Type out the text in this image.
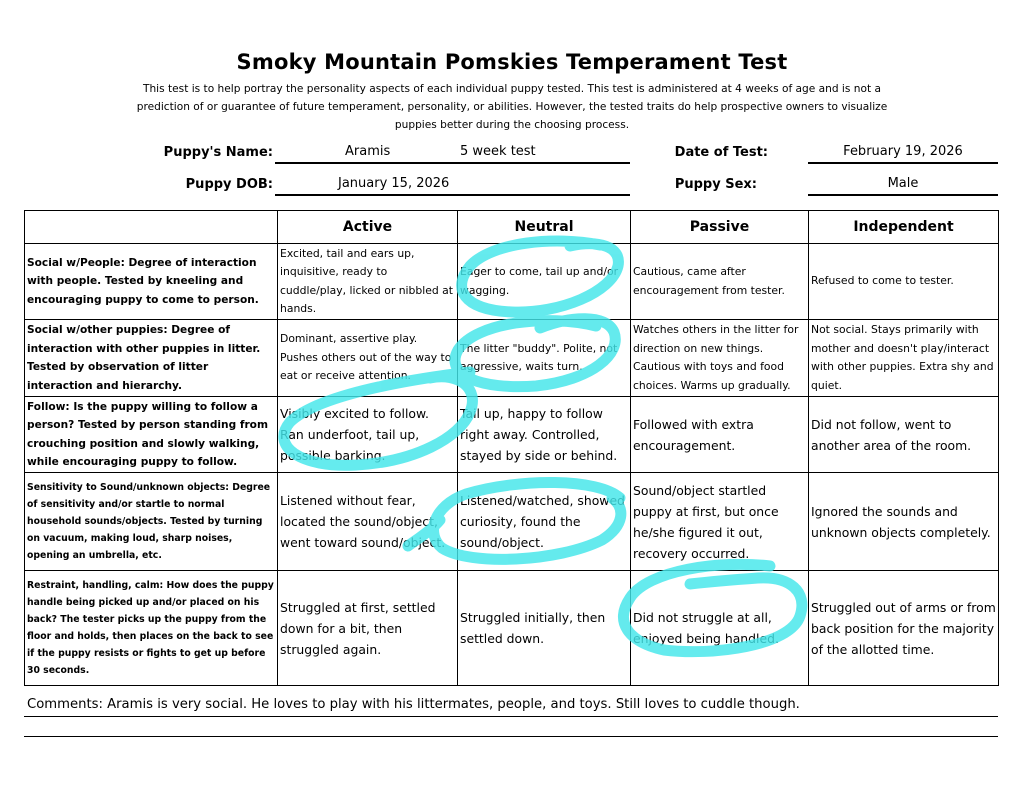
Smoky Mountain Pomskies Temperament Test
This test is to help portray the personality aspects of each individual puppy tested. This test is administered at 4 weeks of age and is not a prediction of or guarantee of future temperament, personality, or abilities. However, the tested traits do help prospective owners to visualize puppies better during the choosing process.
Puppy's Name:	Aramis	5 week test	Date of Test:	February 19, 2026
Puppy DOB:	January 15, 2026	Puppy Sex:	Male
	Active	Neutral	Passive	Independent
Social w/People: Degree of interaction with people. Tested by kneeling and encouraging puppy to come to person.	Excited, tail and ears up, inquisitive, ready to cuddle/play, licked or nibbled at hands.	Eager to come, tail up and/or wagging.	Cautious, came after encouragement from tester.	Refused to come to tester.
Social w/other puppies: Degree of interaction with other puppies in litter. Tested by observation of litter interaction and hierarchy.	Dominant, assertive play. Pushes others out of the way to eat or receive attention.	The litter "buddy". Polite, not aggressive, waits turn.	Watches others in the litter for direction on new things. Cautious with toys and food choices. Warms up gradually.	Not social. Stays primarily with mother and doesn't play/interact with other puppies. Extra shy and quiet.
Follow: Is the puppy willing to follow a person? Tested by person standing from crouching position and slowly walking, while encouraging puppy to follow.	Visibly excited to follow. Ran underfoot, tail up, possible barking.	Tail up, happy to follow right away. Controlled, stayed by side or behind.	Followed with extra encouragement.	Did not follow, went to another area of the room.
Sensitivity to Sound/unknown objects: Degree of sensitivity and/or startle to normal household sounds/objects. Tested by turning on vacuum, making loud, sharp noises, opening an umbrella, etc.	Listened without fear, located the sound/object, went toward sound/object.	Listened/watched, showed curiosity, found the sound/object.	Sound/object startled puppy at first, but once he/she figured it out, recovery occurred.	Ignored the sounds and unknown objects completely.
Restraint, handling, calm: How does the puppy handle being picked up and/or placed on his back? The tester picks up the puppy from the floor and holds, then places on the back to see if the puppy resists or fights to get up before 30 seconds.	Struggled at first, settled down for a bit, then struggled again.	Struggled initially, then settled down.	Did not struggle at all, enjoyed being handled.	Struggled out of arms or from back position for the majority of the allotted time.
Comments: Aramis is very social. He loves to play with his littermates, people, and toys. Still loves to cuddle though.
